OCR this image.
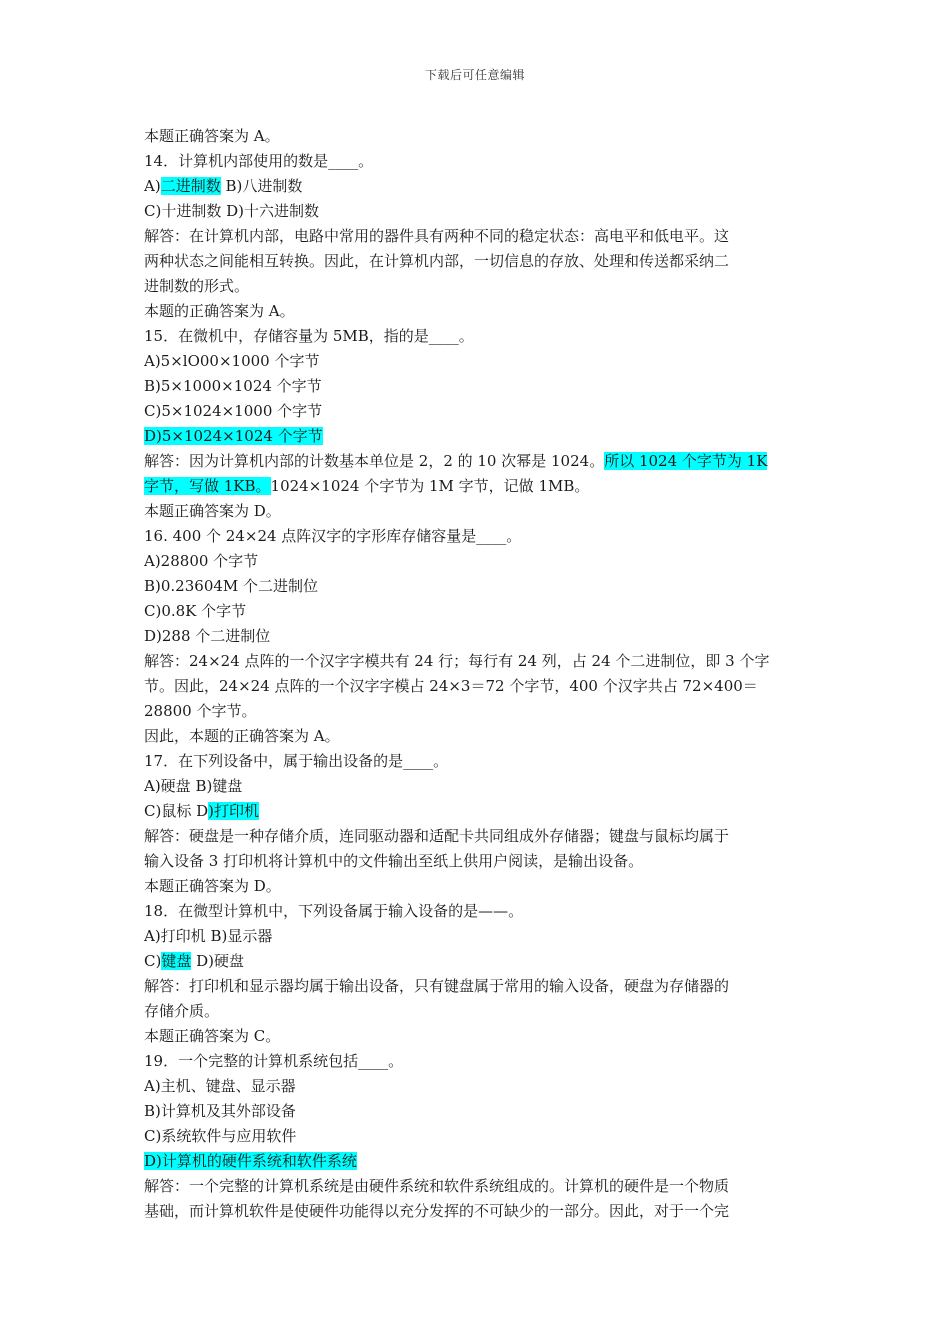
下载后可任意编辑
本题正确答案为 A。
14．计算机内部使用的数是____。
A)二进制数 B)八进制数
C)十进制数 D)十六进制数
解答：在计算机内部，电路中常用的器件具有两种不同的稳定状态：高电平和低电平。这
两种状态之间能相互转换。因此，在计算机内部，一切信息的存放、处理和传送都采纳二
进制数的形式。
本题的正确答案为 A。
15．在微机中，存储容量为 5MB，指的是____。
A)5×lO00×1000 个字节
B)5×1000×1024 个字节
C)5×1024×1000 个字节
D)5×1024×1024 个字节
解答：因为计算机内部的计数基本单位是 2，2 的 10 次幂是 1024。所以 1024 个字节为 1K
字节，写做 1KB。1024×1024 个字节为 1M 字节，记做 1MB。
本题正确答案为 D。
16. 400 个 24×24 点阵汉字的字形库存储容量是____。
A)28800 个字节
B)0.23604M 个二进制位
C)0.8K 个字节
D)288 个二进制位
解答：24×24 点阵的一个汉字字模共有 24 行；每行有 24 列，占 24 个二进制位，即 3 个字
节。因此，24×24 点阵的一个汉字字模占 24×3＝72 个字节，400 个汉字共占 72×400＝
28800 个字节。
因此，本题的正确答案为 A。
17．在下列设备中，属于输出设备的是____。
A)硬盘 B)键盘
C)鼠标 D)打印机
解答：硬盘是一种存储介质，连同驱动器和适配卡共同组成外存储器；键盘与鼠标均属于
输入设备 3 打印机将计算机中的文件输出至纸上供用户阅读，是输出设备。
本题正确答案为 D。
18．在微型计算机中，下列设备属于输入设备的是——。
A)打印机 B)显示器
C)键盘 D)硬盘
解答：打印机和显示器均属于输出设备，只有键盘属于常用的输入设备，硬盘为存储器的
存储介质。
本题正确答案为 C。
19．一个完整的计算机系统包括____。
A)主机、键盘、显示器
B)计算机及其外部设备
C)系统软件与应用软件
D)计算机的硬件系统和软件系统
解答：一个完整的计算机系统是由硬件系统和软件系统组成的。计算机的硬件是一个物质
基础，而计算机软件是使硬件功能得以充分发挥的不可缺少的一部分。因此，对于一个完
